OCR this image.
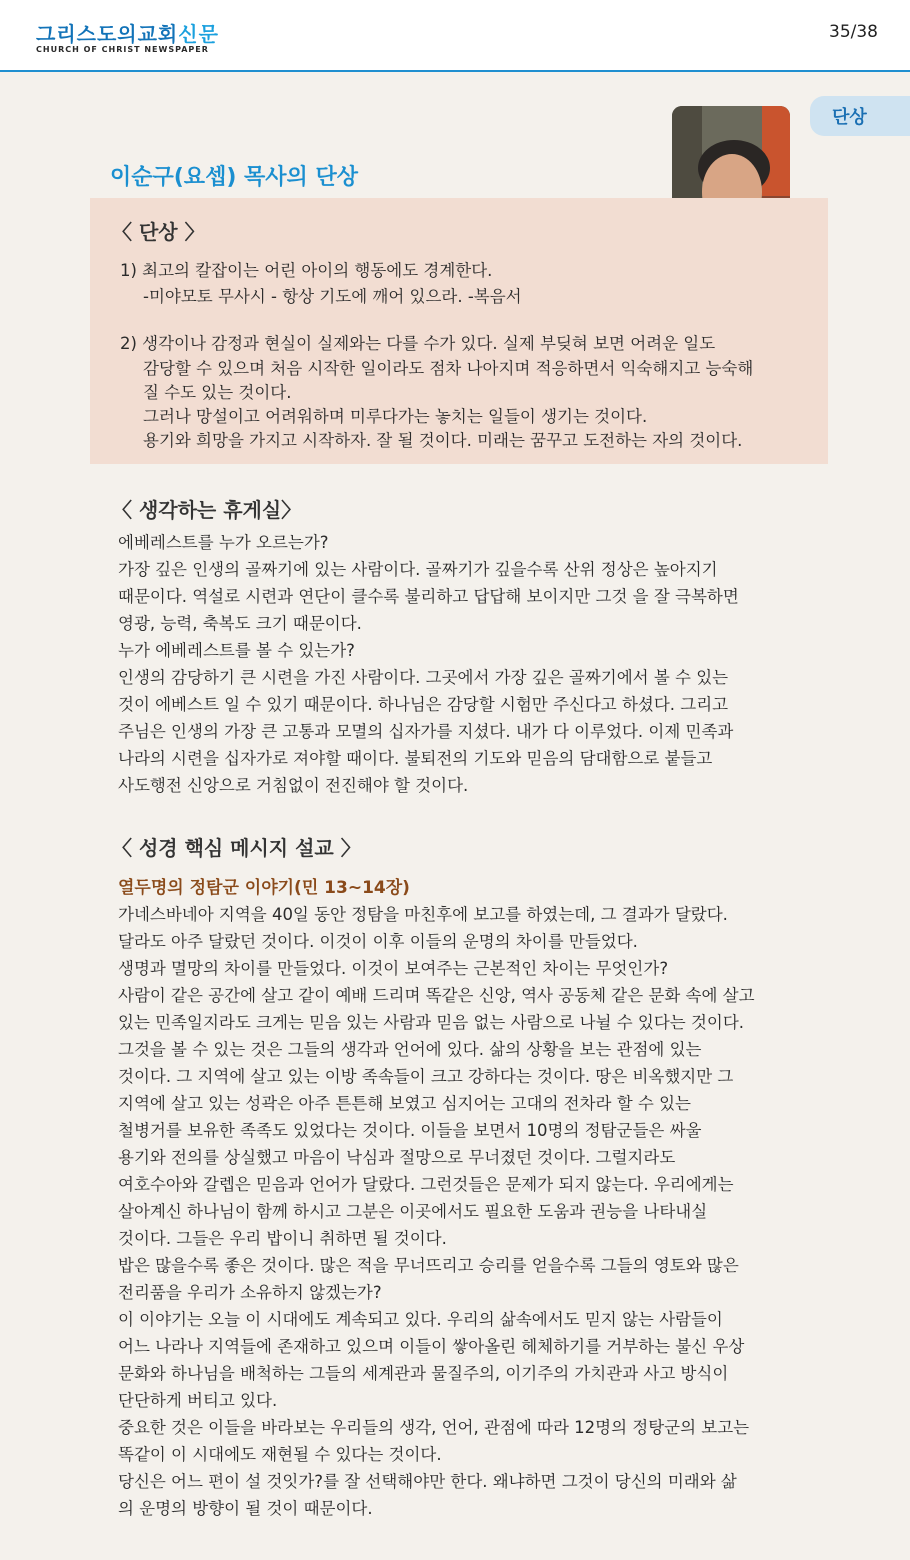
그리스도의교회신문
CHURCH OF CHRIST NEWSPAPER
35/38
단상
이순구(요셉) 목사의 단상
〈 단상 〉
1) 최고의 칼잡이는 어린 아이의 행동에도 경계한다.
-미야모토 무사시 - 항상 기도에 깨어 있으라. -복음서
2) 생각이나 감정과 현실이 실제와는 다를 수가 있다. 실제 부딪혀 보면 어려운 일도
감당할 수 있으며 처음 시작한 일이라도 점차 나아지며 적응하면서 익숙해지고 능숙해
질 수도 있는 것이다.
그러나 망설이고 어려워하며 미루다가는 놓치는 일들이 생기는 것이다.
용기와 희망을 가지고 시작하자. 잘 될 것이다. 미래는 꿈꾸고 도전하는 자의 것이다.
〈 생각하는 휴게실〉
에베레스트를 누가 오르는가?
가장 깊은 인생의 골짜기에 있는 사람이다. 골짜기가 깊을수록 산위 정상은 높아지기
때문이다. 역설로 시련과 연단이 클수록 불리하고 답답해 보이지만 그것 을 잘 극복하면
영광, 능력, 축복도 크기 때문이다.
누가 에베레스트를 볼 수 있는가?
인생의 감당하기 큰 시련을 가진 사람이다. 그곳에서 가장 깊은 골짜기에서 볼 수 있는
것이 에베스트 일 수 있기 때문이다. 하나님은 감당할 시험만 주신다고 하셨다. 그리고
주님은 인생의 가장 큰 고통과 모멸의 십자가를 지셨다. 내가 다 이루었다. 이제 민족과
나라의 시련을 십자가로 져야할 때이다. 불퇴전의 기도와 믿음의 담대함으로 붙들고
사도행전 신앙으로 거침없이 전진해야 할 것이다.
〈 성경 핵심 메시지 설교 〉
열두명의 정탐군 이야기(민 13~14장)
가네스바네아 지역을 40일 동안 정탐을 마친후에 보고를 하였는데, 그 결과가 달랐다.
달라도 아주 달랐던 것이다. 이것이 이후 이들의 운명의 차이를 만들었다.
생명과 멸망의 차이를 만들었다. 이것이 보여주는 근본적인 차이는 무엇인가?
사람이 같은 공간에 살고 같이 예배 드리며 똑같은 신앙, 역사 공동체 같은 문화 속에 살고
있는 민족일지라도 크게는 믿음 있는 사람과 믿음 없는 사람으로 나뉠 수 있다는 것이다.
그것을 볼 수 있는 것은 그들의 생각과 언어에 있다. 삶의 상황을 보는 관점에 있는
것이다. 그 지역에 살고 있는 이방 족속들이 크고 강하다는 것이다. 땅은 비옥했지만 그
지역에 살고 있는 성곽은 아주 튼튼해 보였고 심지어는 고대의 전차라 할 수 있는
철병거를 보유한 족족도 있었다는 것이다. 이들을 보면서 10명의 정탐군들은 싸울
용기와 전의를 상실했고 마음이 낙심과 절망으로 무너졌던 것이다. 그럴지라도
여호수아와 갈렙은 믿음과 언어가 달랐다. 그런것들은 문제가 되지 않는다. 우리에게는
살아계신 하나님이 함께 하시고 그분은 이곳에서도 필요한 도움과 권능을 나타내실
것이다. 그들은 우리 밥이니 취하면 될 것이다.
밥은 많을수록 좋은 것이다. 많은 적을 무너뜨리고 승리를 얻을수록 그들의 영토와 많은
전리품을 우리가 소유하지 않겠는가?
이 이야기는 오늘 이 시대에도 계속되고 있다. 우리의 삶속에서도 믿지 않는 사람들이
어느 나라나 지역들에 존재하고 있으며 이들이 쌓아올린 헤체하기를 거부하는 불신 우상
문화와 하나님을 배척하는 그들의 세계관과 물질주의, 이기주의 가치관과 사고 방식이
단단하게 버티고 있다.
중요한 것은 이들을 바라보는 우리들의 생각, 언어, 관점에 따라 12명의 정탕군의 보고는
똑같이 이 시대에도 재현될 수 있다는 것이다.
당신은 어느 편이 설 것잇가?를 잘 선택해야만 한다. 왜냐하면 그것이 당신의 미래와 삶
의 운명의 방향이 될 것이 때문이다.
